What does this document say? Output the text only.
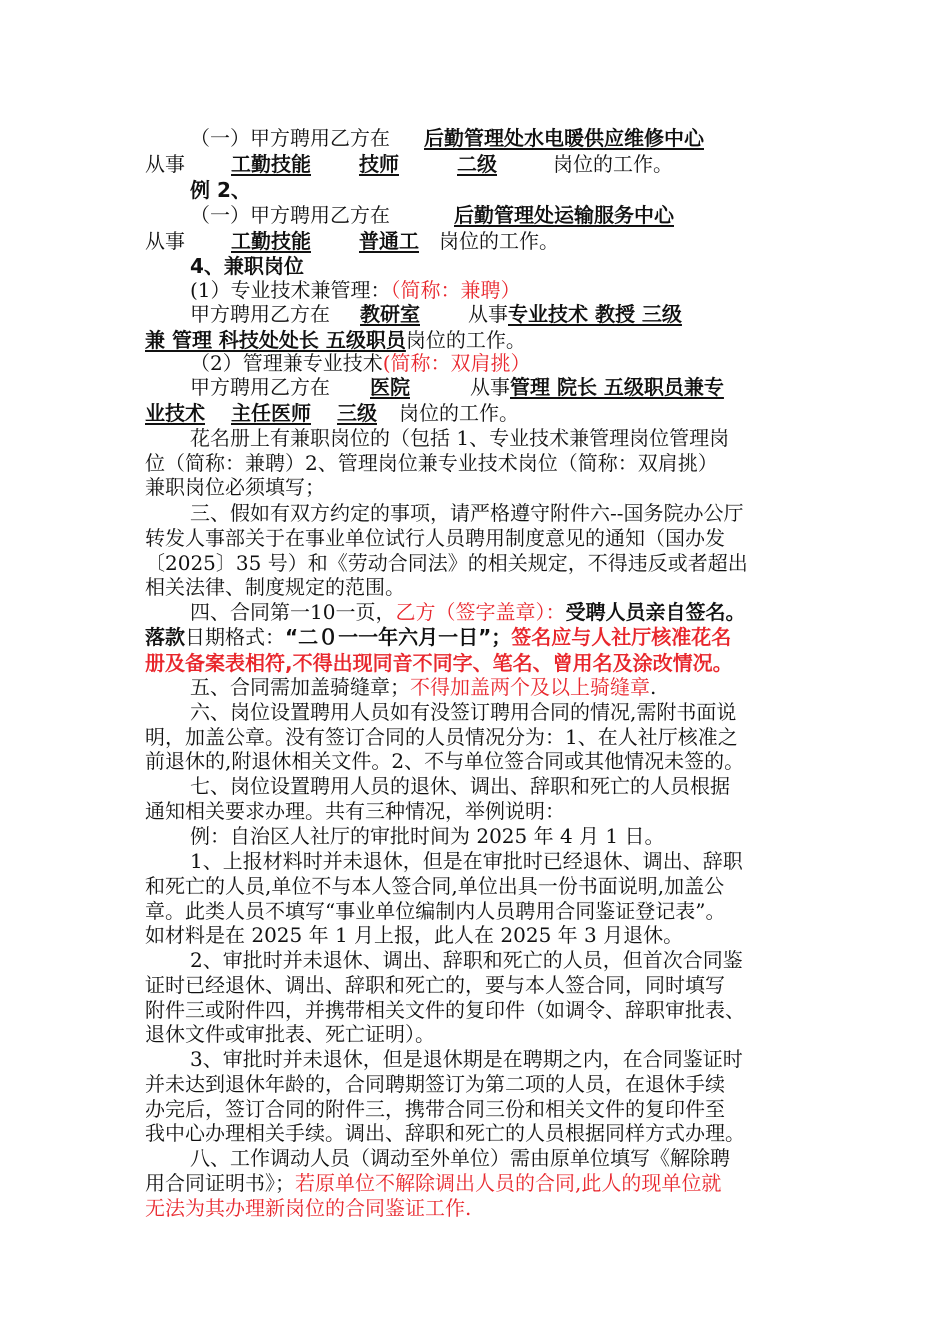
（一）甲方聘用乙方在 后勤管理处水电暖供应维修中心
从事 工勤技能 技师	二级	岗位的工作。
例 2、
（一）甲方聘用乙方在	后勤管理处运输服务中心
从事 工勤技能 普通工 岗位的工作。
4、兼职岗位
(1）专业技术兼管理：（简称：兼聘）
甲方聘用乙方在 教研室 从事专业技术 教授 三级
兼 管理 科技处处长 五级职员岗位的工作。
（2）管理兼专业技术(简称：双肩挑）
甲方聘用乙方在 医院	从事管理 院长 五级职员兼专
业技术 主任医师 三级 岗位的工作。
花名册上有兼职岗位的（包括 1、专业技术兼管理岗位管理岗
位（简称：兼聘）2、管理岗位兼专业技术岗位（简称：双肩挑）
兼职岗位必须填写；
三、假如有双方约定的事项，请严格遵守附件六--国务院办公厅
转发人事部关于在事业单位试行人员聘用制度意见的通知（国办发
〔2025〕35 号）和《劳动合同法》的相关规定，不得违反或者超出
相关法律、制度规定的范围。
四、合同第一10一页，乙方（签字盖章）：受聘人员亲自签名。
落款日期格式：“二０一一年六月一日”；签名应与人社厅核准花名
册及备案表相符,不得出现同音不同字、笔名、曾用名及涂改情况。
五、合同需加盖骑缝章；不得加盖两个及以上骑缝章.
六、岗位设置聘用人员如有没签订聘用合同的情况,需附书面说
明，加盖公章。没有签订合同的人员情况分为：1、在人社厅核准之
前退休的,附退休相关文件。2、不与单位签合同或其他情况未签的。
七、岗位设置聘用人员的退休、调出、辞职和死亡的人员根据
通知相关要求办理。共有三种情况，举例说明：
例：自治区人社厅的审批时间为 2025 年 4 月 1 日。
1、上报材料时并未退休，但是在审批时已经退休、调出、辞职
和死亡的人员,单位不与本人签合同,单位出具一份书面说明,加盖公
章。此类人员不填写“事业单位编制内人员聘用合同鉴证登记表”。
如材料是在 2025 年 1 月上报，此人在 2025 年 3 月退休。
2、审批时并未退休、调出、辞职和死亡的人员，但首次合同鉴
证时已经退休、调出、辞职和死亡的，要与本人签合同，同时填写
附件三或附件四，并携带相关文件的复印件（如调令、辞职审批表、
退休文件或审批表、死亡证明）。
3、审批时并未退休，但是退休期是在聘期之内，在合同鉴证时
并未达到退休年龄的，合同聘期签订为第二项的人员，在退休手续
办完后，签订合同的附件三，携带合同三份和相关文件的复印件至
我中心办理相关手续。调出、辞职和死亡的人员根据同样方式办理。
八、工作调动人员（调动至外单位）需由原单位填写《解除聘
用合同证明书》；若原单位不解除调出人员的合同,此人的现单位就
无法为其办理新岗位的合同鉴证工作.
